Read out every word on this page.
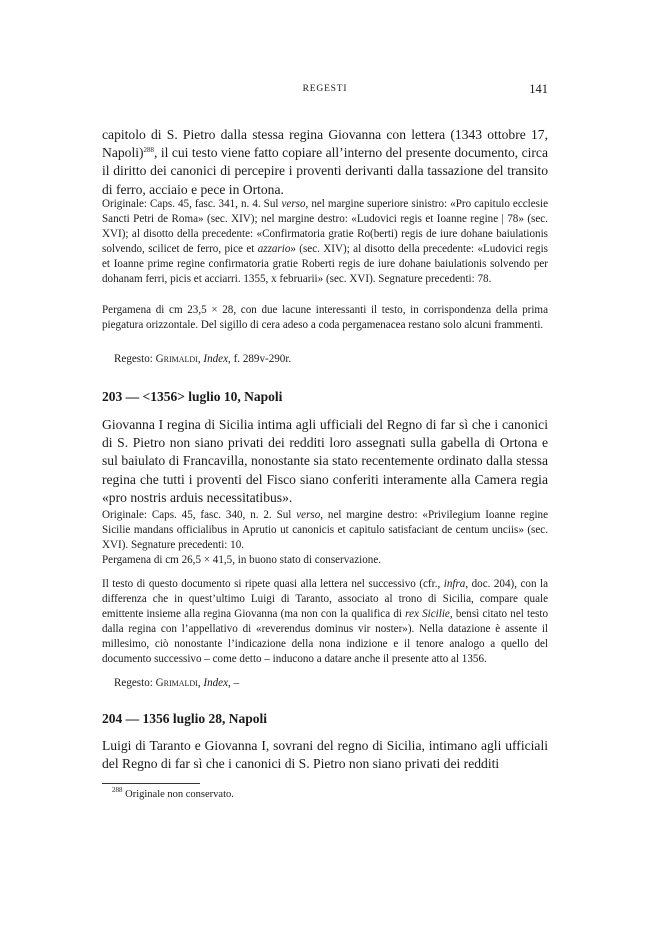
REGESTI	141

capitolo di S. Pietro dalla stessa regina Giovanna con lettera (1343 ottobre 17, Napoli)$^{288}$, il cui testo viene fatto copiare all’interno del presente documento, circa il diritto dei canonici di percepire i proventi derivanti dalla tassazione del transito di ferro, acciaio e pece in Ortona.

Originale: Caps. 45, fasc. 341, n. 4. Sul verso, nel margine superiore sinistro: «Pro capitulo ecclesie Sancti Petri de Roma» (sec. XIV); nel margine destro: «Ludovici regis et Ioanne regine | 78» (sec. XVI); al disotto della precedente: «Confirmatoria gratie Ro(berti) regis de iure dohane baiulationis solvendo, scilicet de ferro, pice et azzario» (sec. XIV); al disotto della precedente: «Ludovici regis et Ioanne prime regine confirmatoria gratie Roberti regis de iure dohane baiulationis solvendo per dohanam ferri, picis et acciarri. 1355, x februarii» (sec. XVI). Segnature precedenti: 78.

Pergamena di cm 23,5 × 28, con due lacune interessanti il testo, in corrispondenza della prima piegatura orizzontale. Del sigillo di cera adeso a coda pergamenacea restano solo alcuni frammenti.

Regesto: Grimaldi, Index, f. 289v-290r.

203 — <1356> luglio 10, Napoli

Giovanna I regina di Sicilia intima agli ufficiali del Regno di far sì che i canonici di S. Pietro non siano privati dei redditi loro assegnati sulla gabella di Ortona e sul baiulato di Francavilla, nonostante sia stato recentemente ordinato dalla stessa regina che tutti i proventi del Fisco siano conferiti interamente alla Camera regia «pro nostris arduis necessitatibus».

Originale: Caps. 45, fasc. 340, n. 2. Sul verso, nel margine destro: «Privilegium Ioanne regine Sicilie mandans officialibus in Aprutio ut canonicis et capitulo satisfaciant de centum unciis» (sec. XVI). Segnature precedenti: 10.

Pergamena di cm 26,5 × 41,5, in buono stato di conservazione.

Il testo di questo documento si ripete quasi alla lettera nel successivo (cfr., infra, doc. 204), con la differenza che in quest’ultimo Luigi di Taranto, associato al trono di Sicilia, compare quale emittente insieme alla regina Giovanna (ma non con la qualifica di rex Sicilie, bensì citato nel testo dalla regina con l’appellativo di «reverendus dominus vir noster»). Nella datazione è assente il millesimo, ciò nonostante l’indicazione della nona indizione e il tenore analogo a quello del documento successivo – come detto – inducono a datare anche il presente atto al 1356.

Regesto: Grimaldi, Index, –

204 — 1356 luglio 28, Napoli

Luigi di Taranto e Giovanna I, sovrani del regno di Sicilia, intimano agli ufficiali del Regno di far sì che i canonici di S. Pietro non siano privati dei redditi

$^{288}$ Originale non conservato.
